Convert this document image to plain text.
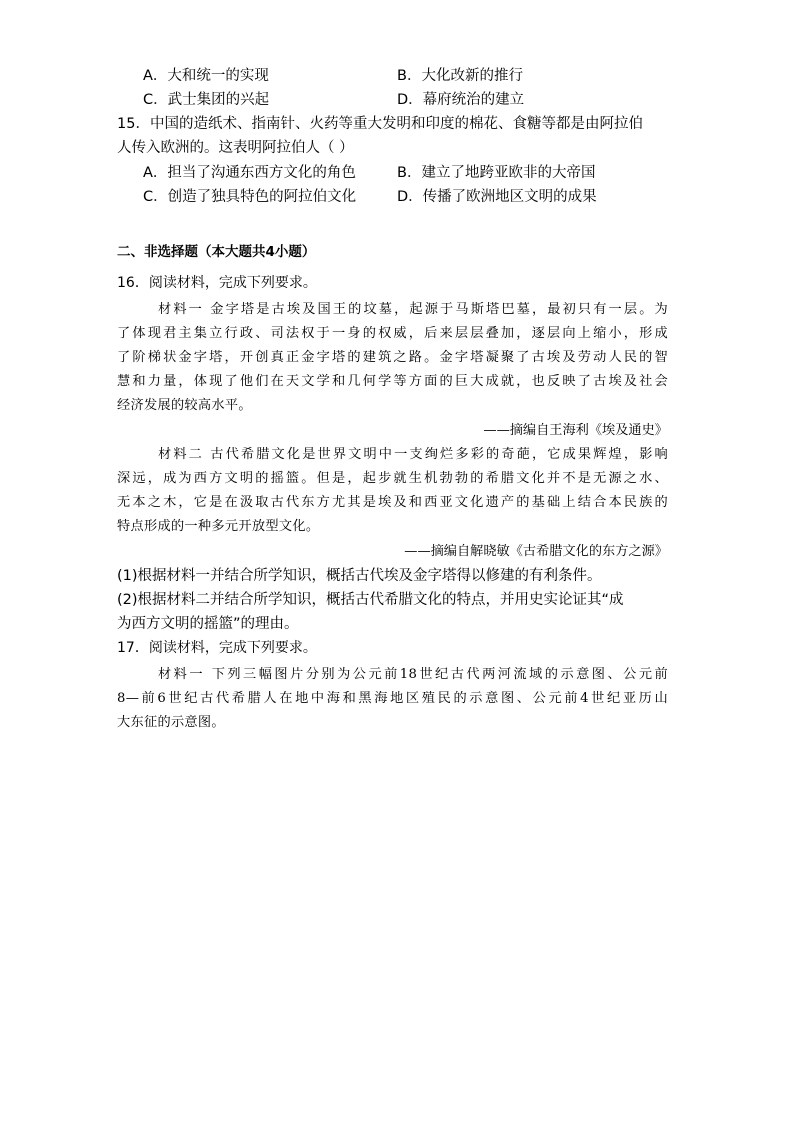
A．大和统一的实现	B．大化改新的推行
C．武士集团的兴起	D．幕府统治的建立
15．中国的造纸术、指南针、火药等重大发明和印度的棉花、食糖等都是由阿拉伯
人传入欧洲的。这表明阿拉伯人（ ）
A．担当了沟通东西方文化的角色	B．建立了地跨亚欧非的大帝国
C．创造了独具特色的阿拉伯文化	D．传播了欧洲地区文明的成果
二、非选择题（本大题共4小题）
16．阅读材料，完成下列要求。
材料一 金字塔是古埃及国王的坟墓，起源于马斯塔巴墓，最初只有一层。为
了体现君主集立行政、司法权于一身的权威，后来层层叠加，逐层向上缩小，形成
了阶梯状金字塔，开创真正金字塔的建筑之路。金字塔凝聚了古埃及劳动人民的智
慧和力量，体现了他们在天文学和几何学等方面的巨大成就，也反映了古埃及社会
经济发展的较高水平。
——摘编自王海利《埃及通史》
材料二 古代希腊文化是世界文明中一支绚烂多彩的奇葩，它成果辉煌，影响
深远，成为西方文明的摇篮。但是，起步就生机勃勃的希腊文化并不是无源之水、
无本之木，它是在汲取古代东方尤其是埃及和西亚文化遗产的基础上结合本民族的
特点形成的一种多元开放型文化。
——摘编自解晓敏《古希腊文化的东方之源》
(1)根据材料一并结合所学知识，概括古代埃及金字塔得以修建的有利条件。
(2)根据材料二并结合所学知识，概括古代希腊文化的特点，并用史实论证其“成
为西方文明的摇篮”的理由。
17．阅读材料，完成下列要求。
材料一 下列三幅图片分别为公元前18世纪古代两河流域的示意图、公元前
8—前6世纪古代希腊人在地中海和黑海地区殖民的示意图、公元前4世纪亚历山
大东征的示意图。
